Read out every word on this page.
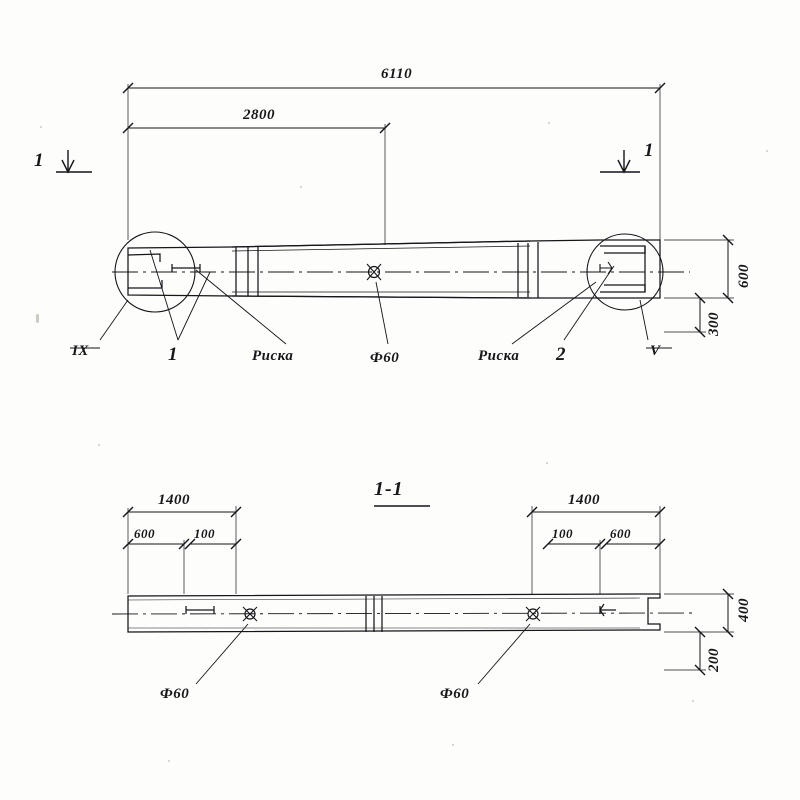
6110
2800
1	1
600
300
IX	1	Риска	Ф60	Риска 2	V
1-1
1400
600	100
1400
100	600
400
200
Ф60	Ф60
